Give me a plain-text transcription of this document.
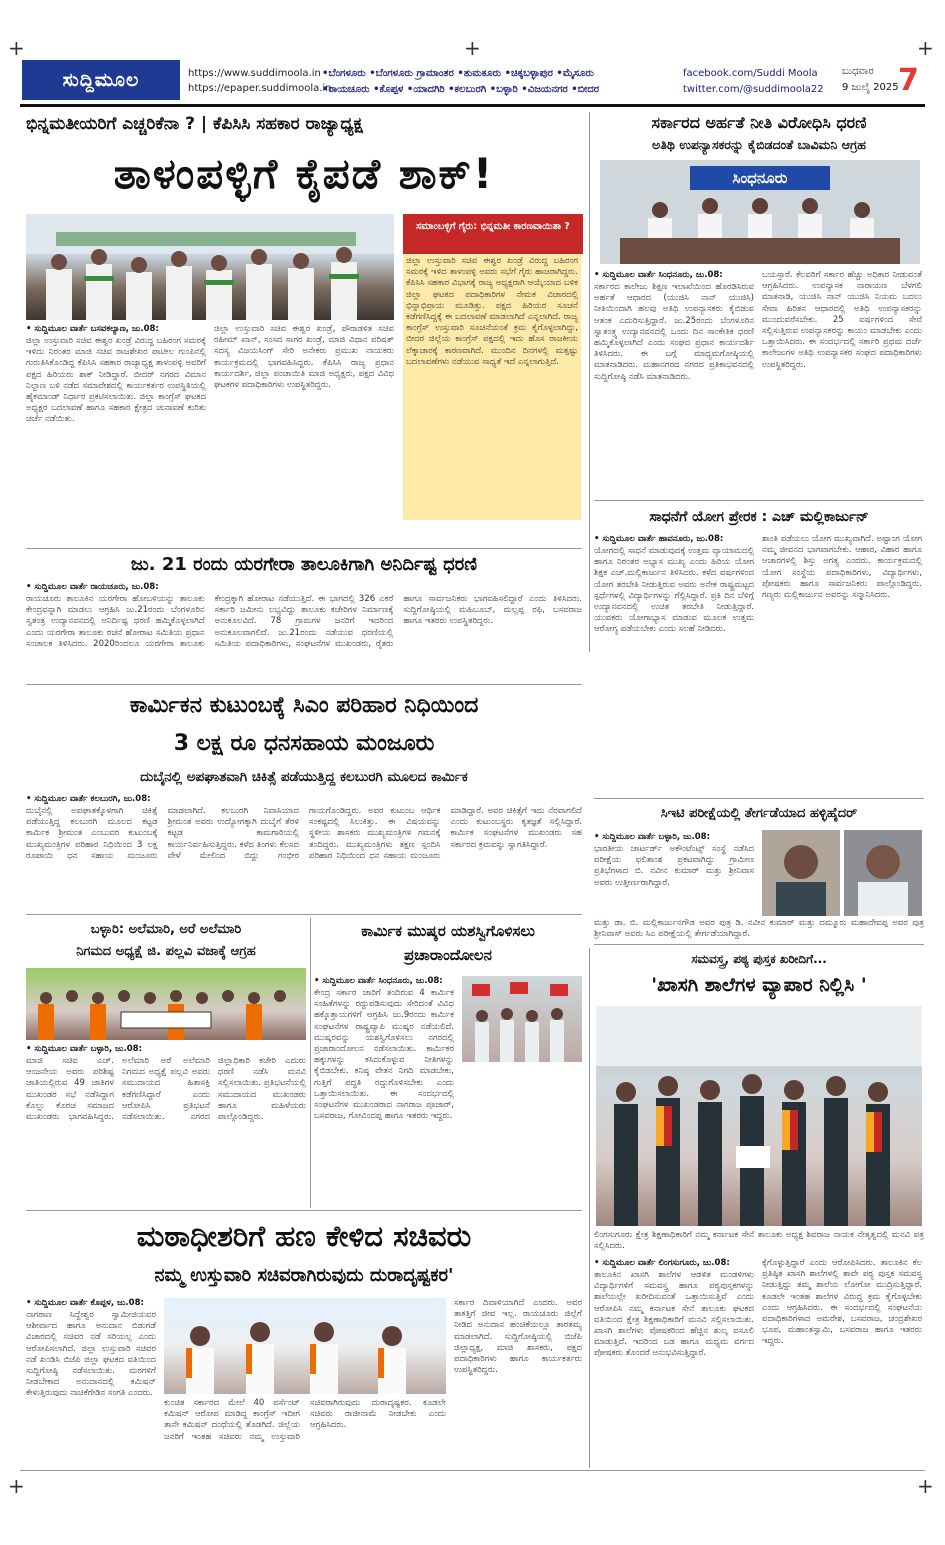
+	+	+
+	+
ಸುದ್ದಿಮೂಲ	https://www.suddimoola.in
https://epaper.suddimoola.in
•ಬೆಂಗಳೂರು •ಬೆಂಗಳೂರು ಗ್ರಾಮಾಂತರ •ತುಮಕೂರು •ಚಿಕ್ಕಬಳ್ಳಾಪುರ •ಮೈಸೂರು
•ರಾಯಚೂರು •ಕೊಪ್ಪಳ •ಯಾದಗಿರಿ •ಕಲಬುರಗಿ •ಬಳ್ಳಾರಿ •ವಿಜಯನಗರ •ಬೀದರ
facebook.com/Suddi Moola
twitter.com/@suddimoola22
ಬುಧವಾರ
9 ಜುಲೈ 2025 7
ಭಿನ್ನಮತೀಯರಿಗೆ ಎಚ್ಚರಿಕೆನಾ ? | ಕೆಪಿಸಿಸಿ ಸಹಕಾರ ರಾಜ್ಯಾಧ್ಯಕ್ಷ
ತಾಳಂಪಳ್ಳಿಗೆ ಕೈಪಡೆ ಶಾಕ್!
ಸಮಾಂಬಳ್ಳಿಗೆ ಗೈರು: ಭಿನ್ನಮತೀ ಕಾರಣವಾಯಿತಾ ?
ಜಿಲ್ಲಾ ಉಸ್ತುವಾರಿ ಸಚಿವ ಈಶ್ವರ ಖಂಡ್ರೆ ವಿರುದ್ಧ ಬಹಿರಂಗ ಸಮರಕ್ಕೆ ಇಳಿದ ತಾಳಂಪಳ್ಳಿ ಅವರು ಸಭೆಗೆ ಗೈರು ಹಾಜರಾಗಿದ್ದರು. ಕೆಪಿಸಿಸಿ ಸಹಕಾರ ವಿಭಾಗಕ್ಕೆ ರಾಜ್ಯ ಅಧ್ಯಕ್ಷರಾಗಿ ಆಯ್ಕೆಯಾದ ಬಳಿಕ ಜಿಲ್ಲಾ ಘಟಕದ ಪದಾಧಿಕಾರಿಗಳ ನೇಮಕ ವಿಚಾರದಲ್ಲಿ ಭಿನ್ನಾಭಿಪ್ರಾಯ ಮೂಡಿತ್ತು. ಪಕ್ಷದ ಹಿರಿಯರ ಸೂಚನೆ ಕಡೆಗಣಿಸಿದ್ದಕ್ಕೆ ಈ ಬದಲಾವಣೆ ಮಾಡಲಾಗಿದೆ ಎನ್ನಲಾಗಿದೆ. ರಾಜ್ಯ ಕಾಂಗ್ರೆಸ್ ಉಸ್ತುವಾರಿ ಸೂಚನೆಯಂತೆ ಕ್ರಮ ಕೈಗೊಳ್ಳಲಾಗಿದ್ದು, ಬೀದರ ಜಿಲ್ಲೆಯ ಕಾಂಗ್ರೆಸ್ ಪಕ್ಷದಲ್ಲಿ ಇದು ಹೊಸ ರಾಜಕೀಯ ಲೆಕ್ಕಾಚಾರಕ್ಕೆ ಕಾರಣವಾಗಿದೆ. ಮುಂದಿನ ದಿನಗಳಲ್ಲಿ ಮತ್ತಷ್ಟು ಬದಲಾವಣೆಗಳು ನಡೆಯುವ ಸಾಧ್ಯತೆ ಇದೆ ಎನ್ನಲಾಗುತ್ತಿದೆ.
• ಸುದ್ದಿಮೂಲ ವಾರ್ತೆ ಬಸವಕಲ್ಯಾಣ, ಜು.08:
ಜಿಲ್ಲಾ ಉಸ್ತುವಾರಿ ಸಚಿವ ಈಶ್ವರ ಖಂಡ್ರೆ ವಿರುದ್ಧ ಬಹಿರಂಗ ಸಮರಕ್ಕೆ ಇಳಿದು ನಿರಂತರ ಮಾಜಿ ಸಚಿವ ರಾಜಶೇಖರ ಪಾಟೀಲ ಗುಂಪಿನಲ್ಲಿ ಗುರುತಿಸಿಕೊಂಡಿದ್ದ ಕೆಪಿಸಿಸಿ ಸಹಕಾರ ರಾಜ್ಯಾಧ್ಯಕ್ಷ ತಾಳಂಪಳ್ಳಿ ಅವರಿಗೆ ಪಕ್ಷದ ಹಿರಿಯರು ಶಾಕ್ ನೀಡಿದ್ದಾರೆ. ಬೀದರ್ ನಗರದ ವಿಮಾನ ನಿಲ್ದಾಣ ಬಳಿ ನಡೆದ ಸಮಾವೇಶದಲ್ಲಿ ಕಾರ್ಯಕರ್ತರ ಉಪಸ್ಥಿತಿಯಲ್ಲಿ ಹೈಕಮಾಂಡ್ ನಿರ್ಧಾರ ಪ್ರಕಟಿಸಲಾಯಿತು. ಜಿಲ್ಲಾ ಕಾಂಗ್ರೆಸ್ ಘಟಕದ ಅಧ್ಯಕ್ಷರ ಬದಲಾವಣೆ ಹಾಗೂ ಸಹಕಾರ ಕ್ಷೇತ್ರದ ಚುನಾವಣೆ ಕುರಿತು ಚರ್ಚೆ ನಡೆಯಿತು.
ಜಿಲ್ಲಾ ಉಸ್ತುವಾರಿ ಸಚಿವ ಈಶ್ವರ ಖಂಡ್ರೆ, ಪೌರಾಡಳಿತ ಸಚಿವ ರಹೀಮ್ ಖಾನ್, ಸಂಸದ ಸಾಗರ ಖಂಡ್ರೆ, ಮಾಜಿ ವಿಧಾನ ಪರಿಷತ್ ಸದಸ್ಯ ವಿಜಯಸಿಂಗ್ ಸೇರಿ ಅನೇಕರು ಪ್ರಮುಖ ನಾಯಕರು ಕಾರ್ಯಕ್ರಮದಲ್ಲಿ ಭಾಗವಹಿಸಿದ್ದರು. ಕೆಪಿಸಿಸಿ ರಾಜ್ಯ ಪ್ರಧಾನ ಕಾರ್ಯದರ್ಶಿ, ಜಿಲ್ಲಾ ಪಂಚಾಯಿತಿ ಮಾಜಿ ಅಧ್ಯಕ್ಷರು, ಪಕ್ಷದ ವಿವಿಧ ಘಟಕಗಳ ಪದಾಧಿಕಾರಿಗಳು ಉಪಸ್ಥಿತರಿದ್ದರು.
ಸರ್ಕಾರದ ಅರ್ಹತೆ ನೀತಿ ವಿರೋಧಿಸಿ ಧರಣಿ
ಅತಿಥಿ ಉಪನ್ಯಾಸಕರನ್ನು ಕೈಬಿಡದಂತೆ ಬಾವಿಮನಿ ಆಗ್ರಹ
ಸಿಂಧನೂರು
• ಸುದ್ದಿಮೂಲ ವಾರ್ತೆ ಸಿಂಧನೂರು, ಜು.08:
ಸರ್ಕಾರದ ಕಾಲೇಜು ಶಿಕ್ಷಣ ಇಲಾಖೆಯಿಂದ ಹೊರಡಿಸಿರುವ ಅರ್ಹತೆ ಆಧಾರದ (ಯುಜಿಸಿ ನಾನ್ ಯುಜಿಸಿ) ನೀತಿಯಿಂದಾಗಿ ಹಲವು ಅತಿಥಿ ಉಪನ್ಯಾಸಕರು ಕೈಬಿಡುವ ಆತಂಕ ಎದುರಿಸುತ್ತಿದ್ದಾರೆ. ಜು.25ರಂದು ಬೆಂಗಳೂರಿನ ಸ್ವಾತಂತ್ರ್ಯ ಉದ್ಯಾನವನದಲ್ಲಿ ಒಂದು ದಿನ ಸಾಂಕೇತಿಕ ಧರಣಿ ಹಮ್ಮಿಕೊಳ್ಳಲಾಗಿದೆ ಎಂದು ಸಂಘದ ಪ್ರಧಾನ ಕಾರ್ಯದರ್ಶಿ ತಿಳಿಸಿದರು. ಈ ಬಗ್ಗೆ ಮಾಧ್ಯಮಗೋಷ್ಠಿಯಲ್ಲಿ ಮಾತನಾಡಿದರು. ಮಹಾನಗರದ ನಗರದ ಪ್ರತಿಕಾಭವನದಲ್ಲಿ ಸುದ್ದಿಗೋಷ್ಠಿ ನಡೆಸಿ ಮಾತನಾಡಿದರು.
ಬಯಸ್ತಾರೆ. ಕೆಲವರಿಗೆ ಸರ್ಕಾರ ಹೆಚ್ಚು ಅಧಿಕಾರ ನೀಡುವಂತೆ ಆಗ್ರಹಿಸಿದರು. ಉಪನ್ಯಾಸಕ ನಾರಾಯಣ ಬೆಳಗಲಿ ಮಾತನಾಡಿ, ಯುಜಿಸಿ ನಾನ್ ಯುಜಿಸಿ ನಿಯಮ ಬದಲು ಸೇವಾ ಹಿರಿತನ ಆಧಾರದಲ್ಲಿ ಅತಿಥಿ ಉಪನ್ಯಾಸಕರನ್ನು ಮುಂದುವರೆಸಬೇಕು. 25 ವರ್ಷಗಳಿಂದ ಸೇವೆ ಸಲ್ಲಿಸುತ್ತಿರುವ ಉಪನ್ಯಾಸಕರನ್ನು ಕಾಯಂ ಮಾಡಬೇಕು ಎಂದು ಒತ್ತಾಯಿಸಿದರು. ಈ ಸಂದರ್ಭದಲ್ಲಿ ಸರ್ಕಾರಿ ಪ್ರಥಮ ದರ್ಜೆ ಕಾಲೇಜುಗಳ ಅತಿಥಿ ಉಪನ್ಯಾಸಕರ ಸಂಘದ ಪದಾಧಿಕಾರಿಗಳು ಉಪಸ್ಥಿತರಿದ್ದರು.
ಸಾಧನೆಗೆ ಯೋಗ ಪ್ರೇರಕ : ಎಚ್ ಮಲ್ಲಿಕಾರ್ಜುನ್
• ಸುದ್ದಿಮೂಲ ವಾರ್ತೆ ಹಾವನೂರು, ಜು.08:
ಯೋಗದಲ್ಲಿ ಸಾಧನೆ ಮಾಡುವುದಕ್ಕೆ ಉತ್ತಮ ವ್ಯಾಯಾಮದಲ್ಲಿ ಹಾಗೂ ನಿರಂತರ ಅಭ್ಯಾಸ ಮುಖ್ಯ ಎಂದು ಹಿರಿಯ ಯೋಗ ಶಿಕ್ಷಕ ಎಚ್.ಮಲ್ಲಿಕಾರ್ಜುನ ತಿಳಿಸಿದರು. ಕಳೆದ ವರ್ಷಗಳಿಂದ ಯೋಗ ತರಬೇತಿ ನೀಡುತ್ತಿರುವ ಅವರು ಅನೇಕ ರಾಷ್ಟ್ರಮಟ್ಟದ ಸ್ಪರ್ಧೆಗಳಲ್ಲಿ ವಿದ್ಯಾರ್ಥಿಗಳನ್ನು ಗೆಲ್ಲಿಸಿದ್ದಾರೆ. ಪ್ರತಿ ದಿನ ಬೆಳಿಗ್ಗೆ ಉದ್ಯಾನವನದಲ್ಲಿ ಉಚಿತ ತರಬೇತಿ ನೀಡುತ್ತಿದ್ದಾರೆ. ಯುವಕರು ಯೋಗಾಭ್ಯಾಸ ಮಾಡುವ ಮೂಲಕ ಉತ್ತಮ ಆರೋಗ್ಯ ಪಡೆಯಬೇಕು ಎಂದು ಸಲಹೆ ನೀಡಿದರು.
ಶಾಂತಿ ಪಡೆಯಲು ಯೋಗ ಮುಖ್ಯವಾಗಿದೆ. ಅಷ್ಟಾಂಗ ಯೋಗ ನಮ್ಮ ಜೀವನದ ಭಾಗವಾಗಬೇಕು. ಆಹಾರ, ವಿಹಾರ ಹಾಗೂ ಆಚಾರಗಳಲ್ಲಿ ಶಿಸ್ತು ಅಗತ್ಯ ಎಂದರು. ಕಾರ್ಯಕ್ರಮದಲ್ಲಿ ಯೋಗ ಸಂಸ್ಥೆಯ ಪದಾಧಿಕಾರಿಗಳು, ವಿದ್ಯಾರ್ಥಿಗಳು, ಪೋಷಕರು ಹಾಗೂ ಸಾರ್ವಜನಿಕರು ಪಾಲ್ಗೊಂಡಿದ್ದರು. ಗಣ್ಯರು ಮಲ್ಲಿಕಾರ್ಜುನ ಅವರನ್ನು ಸನ್ಮಾನಿಸಿದರು.
ಸಿಇಟಿ ಪರೀಕ್ಷೆಯಲ್ಲಿ ತೇರ್ಗಡೆಯಾದ ಹಳ್ಳಿಹೈದರ್
• ಸುದ್ದಿಮೂಲ ವಾರ್ತೆ ಬಳ್ಳಾರಿ, ಜು.08:
ಭಾರತೀಯ ಚಾರ್ಟರ್ಡ್ ಅಕೌಂಟೆಂಟ್ಸ್ ಸಂಸ್ಥೆ ನಡೆಸಿದ ಪರೀಕ್ಷೆಯ ಫಲಿತಾಂಶ ಪ್ರಕಟವಾಗಿದ್ದು ಗ್ರಾಮೀಣ ಪ್ರತಿಭೆಗಳಾದ ಬಿ. ನವೀನ ಕುಮಾರ್ ಮತ್ತು ಶ್ರೀನಿವಾಸ ಅವರು ಉತ್ತೀರ್ಣರಾಗಿದ್ದಾರೆ.
ಮತ್ತು ಡಾ. ಬಿ. ಮಲ್ಲಿಕಾರ್ಜುನಗೌಡ ಅವರ ಪುತ್ರ ಡಿ. ನವೀನ ಕುಮಾರ್ ಮತ್ತು ದಮ್ಮೂರು ಮಹಾದೇವಪ್ಪ ಅವರ ಪುತ್ರ ಶ್ರೀನಿವಾಸ್ ಅವರು ಸಿಎ ಪರೀಕ್ಷೆಯಲ್ಲಿ ತೇರ್ಗಡೆಯಾಗಿದ್ದಾರೆ.
ಜು. 21 ರಂದು ಯರಗೇರಾ ತಾಲೂಕಿಗಾಗಿ ಅನಿರ್ದಿಷ್ಟ ಧರಣಿ
• ಸುದ್ದಿಮೂಲ ವಾರ್ತೆ ರಾಯಚೂರು, ಜು.08:
ರಾಯಚೂರು ತಾಲೂಕಿನ ಯರಗೇರಾ ಹೋಬಳಿಯನ್ನು ತಾಲೂಕು ಕೇಂದ್ರವನ್ನಾಗಿ ಮಾಡಲು ಆಗ್ರಹಿಸಿ ಜು.21ರಂದು ಬೆಂಗಳೂರಿನ ಸ್ವತಂತ್ರ ಉದ್ಯಾನವನದಲ್ಲಿ ಅನಿರ್ದಿಷ್ಟ ಧರಣಿ ಹಮ್ಮಿಕೊಳ್ಳಲಾಗಿದೆ ಎಂದು ಯರಗೇರಾ ತಾಲೂಕು ರಚನೆ ಹೋರಾಟ ಸಮಿತಿಯ ಪ್ರಧಾನ ಸಂಚಾಲಕ ತಿಳಿಸಿದರು. 2020ರಿಂದಲೂ ಯರಗೇರಾ ತಾಲೂಕು ಕೇಂದ್ರಕ್ಕಾಗಿ ಹೋರಾಟ ನಡೆಯುತ್ತಿದೆ. ಈ ಭಾಗದಲ್ಲಿ 326 ಎಕರೆ ಸರ್ಕಾರಿ ಜಮೀನು ಲಭ್ಯವಿದ್ದು ತಾಲೂಕು ಕಚೇರಿಗಳ ನಿರ್ಮಾಣಕ್ಕೆ ಅನುಕೂಲವಿದೆ. 78 ಗ್ರಾಮಗಳ ಜನರಿಗೆ ಇದರಿಂದ ಅನುಕೂಲವಾಗಲಿದೆ. ಜು.21ರಂದು ನಡೆಯುವ ಧರಣಿಯಲ್ಲಿ ಸಮಿತಿಯ ಪದಾಧಿಕಾರಿಗಳು, ಸಂಘಟನೆಗಳ ಮುಖಂಡರು, ರೈತರು ಹಾಗೂ ಸಾರ್ವಜನಿಕರು ಭಾಗವಹಿಸಲಿದ್ದಾರೆ ಎಂದು ತಿಳಿಸಿದರು. ಸುದ್ದಿಗೋಷ್ಠಿಯಲ್ಲಿ ಮಹಿಬೂಬ್, ಮಲ್ಲಪ್ಪ ರಫಿ, ಬಸವರಾಜ ಹಾಗೂ ಇತರರು ಉಪಸ್ಥಿತರಿದ್ದರು.
ಕಾರ್ಮಿಕನ ಕುಟುಂಬಕ್ಕೆ ಸಿಎಂ ಪರಿಹಾರ ನಿಧಿಯಿಂದ
3 ಲಕ್ಷ ರೂ ಧನಸಹಾಯ ಮಂಜೂರು
ದುಬೈನಲ್ಲಿ ಅಪಘಾತವಾಗಿ ಚಿಕಿತ್ಸೆ ಪಡೆಯುತ್ತಿದ್ದ ಕಲಬುರಗಿ ಮೂಲದ ಕಾರ್ಮಿಕ
• ಸುದ್ದಿಮೂಲ ವಾರ್ತೆ ಕಲಬುರಗಿ, ಜು.08:
ದುಬೈನಲ್ಲಿ ಅಪಘಾತಕ್ಕೊಳಗಾಗಿ ಚಿಕಿತ್ಸೆ ಪಡೆಯುತ್ತಿದ್ದ ಕಲಬುರಗಿ ಮೂಲದ ಕಟ್ಟಡ ಕಾರ್ಮಿಕ ಶ್ರೀಮಂತ ಎಂಬುವರ ಕುಟುಂಬಕ್ಕೆ ಮುಖ್ಯಮಂತ್ರಿಗಳ ಪರಿಹಾರ ನಿಧಿಯಿಂದ 3 ಲಕ್ಷ ರೂಪಾಯಿ ಧನ ಸಹಾಯ ಮಂಜೂರು ಮಾಡಲಾಗಿದೆ. ಕಲಬುರಗಿ ನಿವಾಸಿಯಾದ ಶ್ರೀಮಂತ ಅವರು ಉದ್ಯೋಗಕ್ಕಾಗಿ ದುಬೈಗೆ ತೆರಳಿ ಕಟ್ಟಡ ಕಾಮಗಾರಿಯಲ್ಲಿ ಕಾರ್ಯನಿರ್ವಹಿಸುತ್ತಿದ್ದರು. ಕಳೆದ ತಿಂಗಳು ಕೆಲಸದ ವೇಳೆ ಮೇಲಿಂದ ಬಿದ್ದು ಗಂಭೀರ ಗಾಯಗೊಂಡಿದ್ದರು. ಅವರ ಕುಟುಂಬ ಆರ್ಥಿಕ ಸಂಕಷ್ಟದಲ್ಲಿ ಸಿಲುಕಿತ್ತು. ಈ ವಿಷಯವನ್ನು ಸ್ಥಳೀಯ ಶಾಸಕರು ಮುಖ್ಯಮಂತ್ರಿಗಳ ಗಮನಕ್ಕೆ ತಂದಿದ್ದರು. ಮುಖ್ಯಮಂತ್ರಿಗಳು ತಕ್ಷಣ ಸ್ಪಂದಿಸಿ ಪರಿಹಾರ ನಿಧಿಯಿಂದ ಧನ ಸಹಾಯ ಮಂಜೂರು ಮಾಡಿದ್ದಾರೆ. ಅವರ ಚಿಕಿತ್ಸೆಗೆ ಇದು ನೆರವಾಗಲಿದೆ ಎಂದು ಕುಟುಂಬಸ್ಥರು ಕೃತಜ್ಞತೆ ಸಲ್ಲಿಸಿದ್ದಾರೆ. ಕಾರ್ಮಿಕ ಸಂಘಟನೆಗಳ ಮುಖಂಡರು ಸಹ ಸರ್ಕಾರದ ಕ್ರಮವನ್ನು ಸ್ವಾಗತಿಸಿದ್ದಾರೆ.
ಬಳ್ಳಾರಿ: ಅಲೆಮಾರಿ, ಅರೆ ಅಲೆಮಾರಿ
ನಿಗಮದ ಅಧ್ಯಕ್ಷೆ ಜಿ. ಪಲ್ಲವಿ ವಜಾಕ್ಕೆ ಆಗ್ರಹ
• ಸುದ್ದಿಮೂಲ ವಾರ್ತೆ ಬಳ್ಳಾರಿ, ಜು.08:
ಮಾಜಿ ಸಚಿವ ಎಚ್. ಆಂಜನೇಯ ಅವರು ಪರಿಶಿಷ್ಟ ಜಾತಿಯಲ್ಲಿರುವ 49 ಜಾತಿಗಳ ಮುಖಂಡರ ಸಭೆ ನಡೆಸಿದ್ದಾಗ ಕೊಲ್ಲು ಕೊರಚ ಸಮಾಜದ ಮುಖಂಡರು ಭಾಗವಹಿಸಿದ್ದರು. ಅಲೆಮಾರಿ ಅರೆ ಅಲೆಮಾರಿ ನಿಗಮದ ಅಧ್ಯಕ್ಷೆ ಪಲ್ಲವಿ ಅವರು ಸಮುದಾಯದ ಹಿತಾಸಕ್ತಿ ಕಡೆಗಣಿಸಿದ್ದಾರೆ ಎಂದು ಆರೋಪಿಸಿ ಪ್ರತಿಭಟನೆ ನಡೆಸಲಾಯಿತು. ನಗರದ ಜಿಲ್ಲಾಧಿಕಾರಿ ಕಚೇರಿ ಎದುರು ಧರಣಿ ನಡೆಸಿ ಮನವಿ ಸಲ್ಲಿಸಲಾಯಿತು. ಪ್ರತಿಭಟನೆಯಲ್ಲಿ ಸಮುದಾಯದ ಮುಖಂಡರು ಹಾಗೂ ಮಹಿಳೆಯರು ಪಾಲ್ಗೊಂಡಿದ್ದರು.
ಕಾರ್ಮಿಕ ಮುಷ್ಕರ ಯಶಸ್ವಿಗೊಳಿಸಲು
ಪ್ರಚಾರಾಂದೋಲನ
• ಸುದ್ದಿಮೂಲ ವಾರ್ತೆ ಸಿಂಧನೂರು, ಜು.08:
ಕೇಂದ್ರ ಸರ್ಕಾರ ಜಾರಿಗೆ ತಂದಿರುವ 4 ಕಾರ್ಮಿಕ ಸಂಹಿತೆಗಳನ್ನು ರದ್ದುಪಡಿಸುವುದು ಸೇರಿದಂತೆ ವಿವಿಧ ಹಕ್ಕೊತ್ತಾಯಗಳಿಗೆ ಆಗ್ರಹಿಸಿ ಜು.9ರಂದು ಕಾರ್ಮಿಕ ಸಂಘಟನೆಗಳ ರಾಷ್ಟ್ರವ್ಯಾಪಿ ಮುಷ್ಕರ ನಡೆಯಲಿದೆ. ಮುಷ್ಕರವನ್ನು ಯಶಸ್ವಿಗೊಳಿಸಲು ನಗರದಲ್ಲಿ ಪ್ರಚಾರಾಂದೋಲನ ನಡೆಸಲಾಯಿತು. ಕಾರ್ಮಿಕರ ಹಕ್ಕುಗಳನ್ನು ಕಸಿದುಕೊಳ್ಳುವ ನೀತಿಗಳನ್ನು ಕೈಬಿಡಬೇಕು. ಕನಿಷ್ಠ ವೇತನ ನಿಗದಿ ಮಾಡಬೇಕು, ಗುತ್ತಿಗೆ ಪದ್ಧತಿ ರದ್ದುಗೊಳಿಸಬೇಕು ಎಂದು ಒತ್ತಾಯಿಸಲಾಯಿತು. ಈ ಸಂದರ್ಭದಲ್ಲಿ ಸಂಘಟನೆಗಳ ಮುಖಂಡರಾದ ನಾಗರಾಜ ಪೂಜಾರ್, ಬಸವರಾಜ, ಗೋವಿಂದಪ್ಪ ಹಾಗೂ ಇತರರು ಇದ್ದರು.
ಸಮವಸ್ತ್ರ, ಪಠ್ಯ ಪುಸ್ತಕ ಖರೀದಿಗೆ...
'ಖಾಸಗಿ ಶಾಲೆಗಳ ವ್ಯಾಪಾರ ನಿಲ್ಲಿಸಿ '
ಲಿಂಗಸುಗೂರು ಕ್ಷೇತ್ರ ಶಿಕ್ಷಣಾಧಿಕಾರಿಗೆ ನಮ್ಮ ಕರ್ನಾಟಕ ಸೇನೆ ತಾಲೂಕು ಅಧ್ಯಕ್ಷ ಶಿವರಾಜ ನಾಯಕ ನೇತೃತ್ವದಲ್ಲಿ ಮನವಿ ಪತ್ರ ಸಲ್ಲಿಸಿದರು.
• ಸುದ್ದಿಮೂಲ ವಾರ್ತೆ ಲಿಂಗಸುಗೂರು, ಜು.08:
ತಾಲೂಕಿನ ಖಾಸಗಿ ಶಾಲೆಗಳ ಆಡಳಿತ ಮಂಡಳಿಗಳು ವಿದ್ಯಾರ್ಥಿಗಳಿಗೆ ಸಮವಸ್ತ್ರ ಹಾಗೂ ಪಠ್ಯಪುಸ್ತಕಗಳನ್ನು ಶಾಲೆಯಲ್ಲೇ ಖರೀದಿಸುವಂತೆ ಒತ್ತಾಯಿಸುತ್ತಿವೆ ಎಂದು ಆರೋಪಿಸಿ ನಮ್ಮ ಕರ್ನಾಟಕ ಸೇನೆ ತಾಲೂಕು ಘಟಕದ ವತಿಯಿಂದ ಕ್ಷೇತ್ರ ಶಿಕ್ಷಣಾಧಿಕಾರಿಗೆ ಮನವಿ ಸಲ್ಲಿಸಲಾಯಿತು. ಖಾಸಗಿ ಶಾಲೆಗಳು ಪೋಷಕರಿಂದ ಹೆಚ್ಚಿನ ಶುಲ್ಕ ವಸೂಲಿ ಮಾಡುತ್ತಿವೆ. ಇದರಿಂದ ಬಡ ಹಾಗೂ ಮಧ್ಯಮ ವರ್ಗದ ಪೋಷಕರು ತೊಂದರೆ ಅನುಭವಿಸುತ್ತಿದ್ದಾರೆ.
ಕ್ಕೆಗೊಳ್ಳುತ್ತಿದ್ದಾರೆ ಎಂದು ಆರೋಪಿಸಿದರು. ತಾಲೂಕಿನ ಕೆಲ ಪ್ರತಿಷ್ಠಿತ ಖಾಸಗಿ ಶಾಲೆಗಳಲ್ಲಿ ತಾವೇ ಪಠ್ಯ ಪುಸ್ತಕ ಸಮವಸ್ತ್ರ ನೀಡುತ್ತಿದ್ದು ತಮ್ಮ ಶಾಲೆಯ ಲೋಗೋ ಮುದ್ರಿಸುತ್ತಿದ್ದಾರೆ. ಕೂಡಲೇ ಇಂತಹ ಶಾಲೆಗಳ ವಿರುದ್ಧ ಕ್ರಮ ಕೈಗೊಳ್ಳಬೇಕು ಎಂದು ಆಗ್ರಹಿಸಿದರು. ಈ ಸಂದರ್ಭದಲ್ಲಿ ಸಂಘಟನೆಯ ಪದಾಧಿಕಾರಿಗಳಾದ ಅಮರೇಶ, ಬಸವರಾಜ, ಚಂದ್ರಶೇಖರ ಭೂಪ, ಮಹಾಂತಸ್ವಾಮಿ, ಬಸವರಾಜ ಹಾಗೂ ಇತರರು ಇದ್ದರು.
ಮಠಾಧೀಶರಿಗೆ ಹಣ ಕೇಳಿದ ಸಚಿವರು
ನಮ್ಮ ಉಸ್ತುವಾರಿ ಸಚಿವರಾಗಿರುವುದು ದುರಾದೃಷ್ಟಕರ'
• ಸುದ್ದಿಮೂಲ ವಾರ್ತೆ ಕೊಪ್ಪಳ, ಜು.08:
ನಾಗಠಾಣ ಸಿದ್ದೇಶ್ವರ ಸ್ವಾಮೀಜಿಯವರ ಆಶೀರ್ವಾದ ಹಾಗೂ ಅನುದಾನ ಬಿಡುಗಡೆ ವಿಚಾರದಲ್ಲಿ ಸಚಿವರ ನಡೆ ಸರಿಯಲ್ಲ ಎಂದು ಆರೋಪಿಸಲಾಗಿದೆ. ಜಿಲ್ಲಾ ಉಸ್ತುವಾರಿ ಸಚಿವರ ನಡೆ ಖಂಡಿಸಿ ಬಿಜೆಪಿ ಜಿಲ್ಲಾ ಘಟಕದ ವತಿಯಿಂದ ಸುದ್ದಿಗೋಷ್ಠಿ ನಡೆಸಲಾಯಿತು. ಮಠಗಳಿಗೆ ನೀಡಬೇಕಾದ ಅನುದಾನದಲ್ಲಿ ಕಮಿಷನ್ ಕೇಳುತ್ತಿರುವುದು ನಾಚಿಕೆಗೇಡಿನ ಸಂಗತಿ ಎಂದರು.
ಕುಂಚಿತ ಸರ್ಕಾರದ ಮೇಲೆ 40 ಪರ್ಸೆಂಟ್ ಕಮಿಷನ್ ಆರೋಪ ಮಾಡಿದ್ದ ಕಾಂಗ್ರೆಸ್ ಇದೀಗ ತಾನೇ ಕಮಿಷನ್ ದಂಧೆಯಲ್ಲಿ ತೊಡಗಿದೆ. ಜಿಲ್ಲೆಯ ಜನರಿಗೆ ಇಂತಹ ಸಚಿವರು ನಮ್ಮ ಉಸ್ತುವಾರಿ ಸಚಿವರಾಗಿರುವುದು ದುರಾದೃಷ್ಟಕರ. ಕೂಡಲೇ ಸಚಿವರು ರಾಜೀನಾಮೆ ನೀಡಬೇಕು ಎಂದು ಆಗ್ರಹಿಸಿದರು.
ಸರ್ಕಾರ ದಿವಾಳಿಯಾಗಿದೆ ಎಂದರು. ಅವರ ತಾಕತ್ತಿಗೆ ಜೀವ ಇಲ್ಲ. ರಾಯಚೂರು ಜಿಲ್ಲೆಗೆ ನೀಡಿದ ಅನುದಾನ ಹಂಚಿಕೆಯಲ್ಲೂ ತಾರತಮ್ಯ ಮಾಡಲಾಗಿದೆ. ಸುದ್ದಿಗೋಷ್ಠಿಯಲ್ಲಿ ಬಿಜೆಪಿ ಜಿಲ್ಲಾಧ್ಯಕ್ಷ, ಮಾಜಿ ಶಾಸಕರು, ಪಕ್ಷದ ಪದಾಧಿಕಾರಿಗಳು ಹಾಗೂ ಕಾರ್ಯಕರ್ತರು ಉಪಸ್ಥಿತರಿದ್ದರು.
